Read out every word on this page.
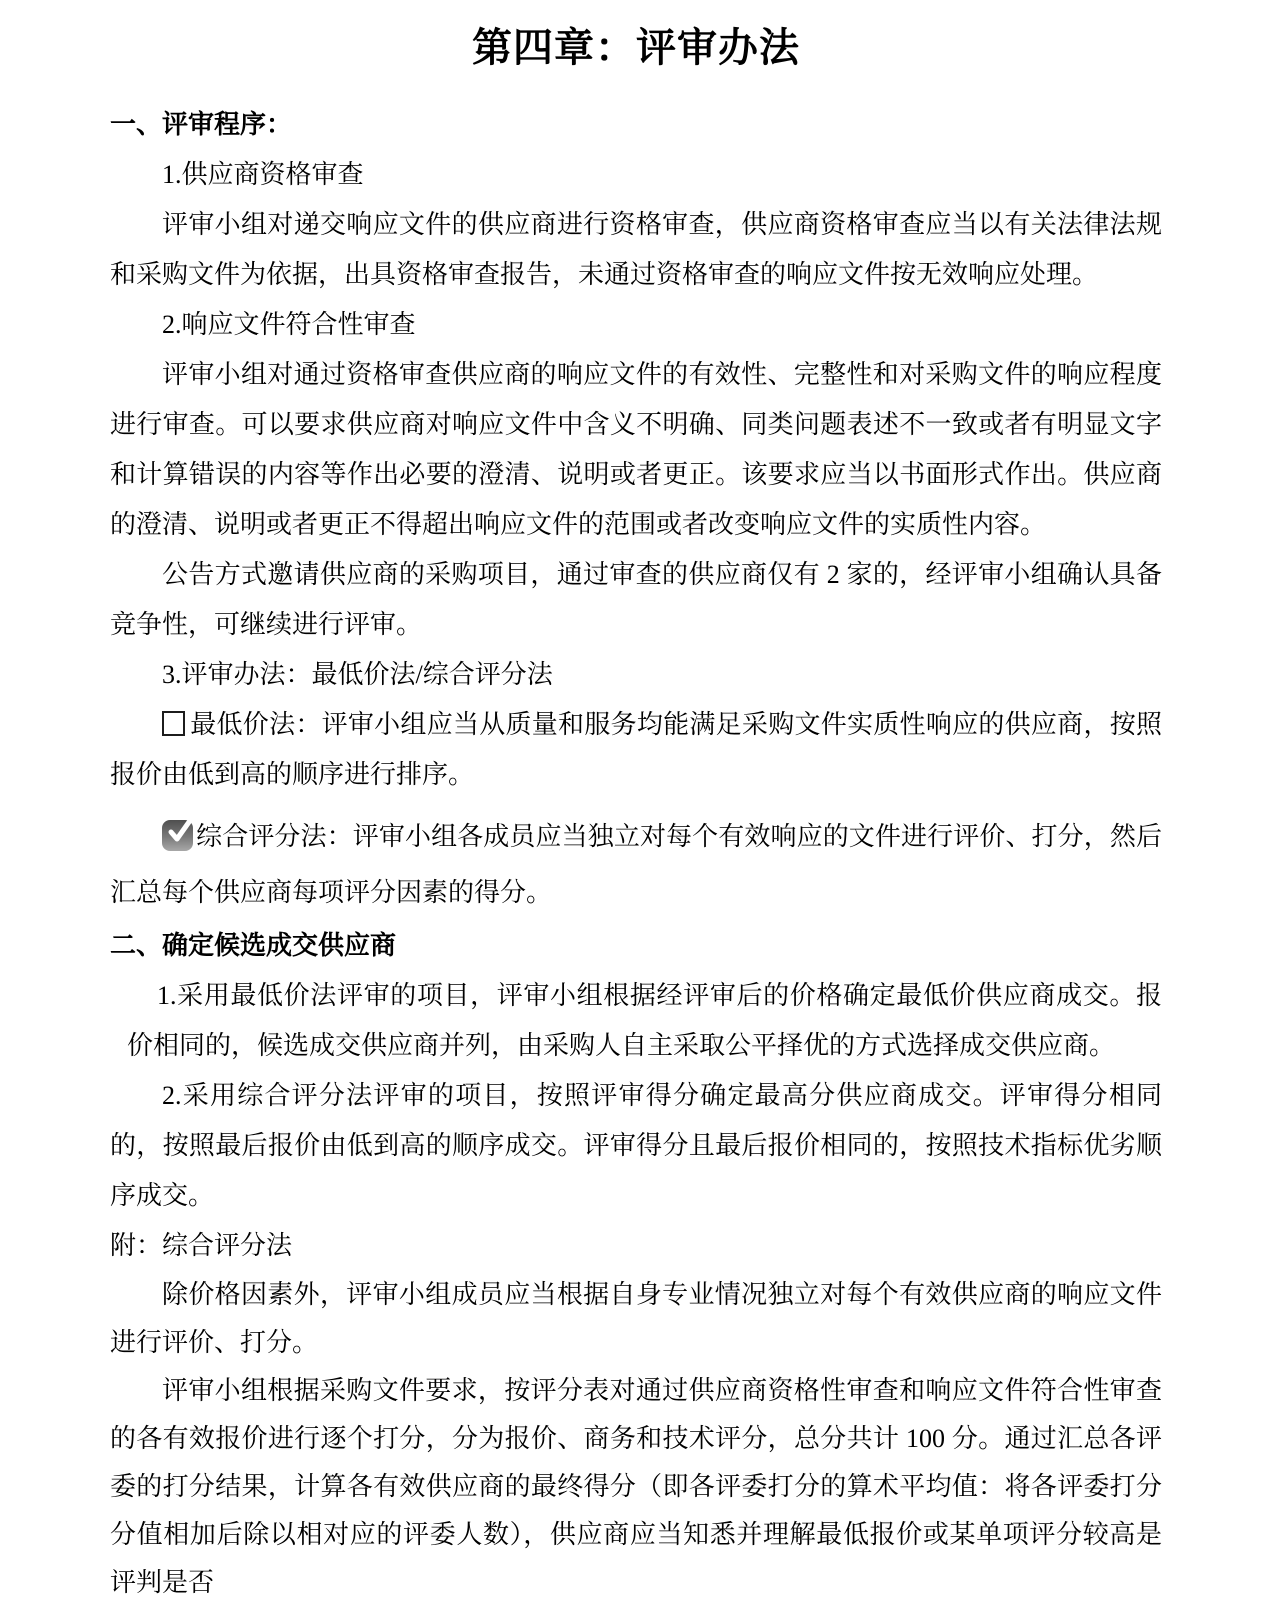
第四章：评审办法

一、评审程序：

1.供应商资格审查

评审小组对递交响应文件的供应商进行资格审查，供应商资格审查应当以有关法律法规和采购文件为依据，出具资格审查报告，未通过资格审查的响应文件按无效响应处理。

2.响应文件符合性审查

评审小组对通过资格审查供应商的响应文件的有效性、完整性和对采购文件的响应程度进行审查。可以要求供应商对响应文件中含义不明确、同类问题表述不一致或者有明显文字和计算错误的内容等作出必要的澄清、说明或者更正。该要求应当以书面形式作出。供应商的澄清、说明或者更正不得超出响应文件的范围或者改变响应文件的实质性内容。

公告方式邀请供应商的采购项目，通过审查的供应商仅有 2 家的，经评审小组确认具备竞争性，可继续进行评审。

3.评审办法：最低价法/综合评分法

最低价法：评审小组应当从质量和服务均能满足采购文件实质性响应的供应商，按照报价由低到高的顺序进行排序。

综合评分法：评审小组各成员应当独立对每个有效响应的文件进行评价、打分，然后汇总每个供应商每项评分因素的得分。

二、确定候选成交供应商

1.采用最低价法评审的项目，评审小组根据经评审后的价格确定最低价供应商成交。报价相同的，候选成交供应商并列，由采购人自主采取公平择优的方式选择成交供应商。

2.采用综合评分法评审的项目，按照评审得分确定最高分供应商成交。评审得分相同的，按照最后报价由低到高的顺序成交。评审得分且最后报价相同的，按照技术指标优劣顺序成交。

附：综合评分法

除价格因素外，评审小组成员应当根据自身专业情况独立对每个有效供应商的响应文件进行评价、打分。

评审小组根据采购文件要求，按评分表对通过供应商资格性审查和响应文件符合性审查的各有效报价进行逐个打分，分为报价、商务和技术评分，总分共计 100 分。通过汇总各评委的打分结果，计算各有效供应商的最终得分（即各评委打分的算术平均值：将各评委打分分值相加后除以相对应的评委人数），供应商应当知悉并理解最低报价或某单项评分较高是评判是否
